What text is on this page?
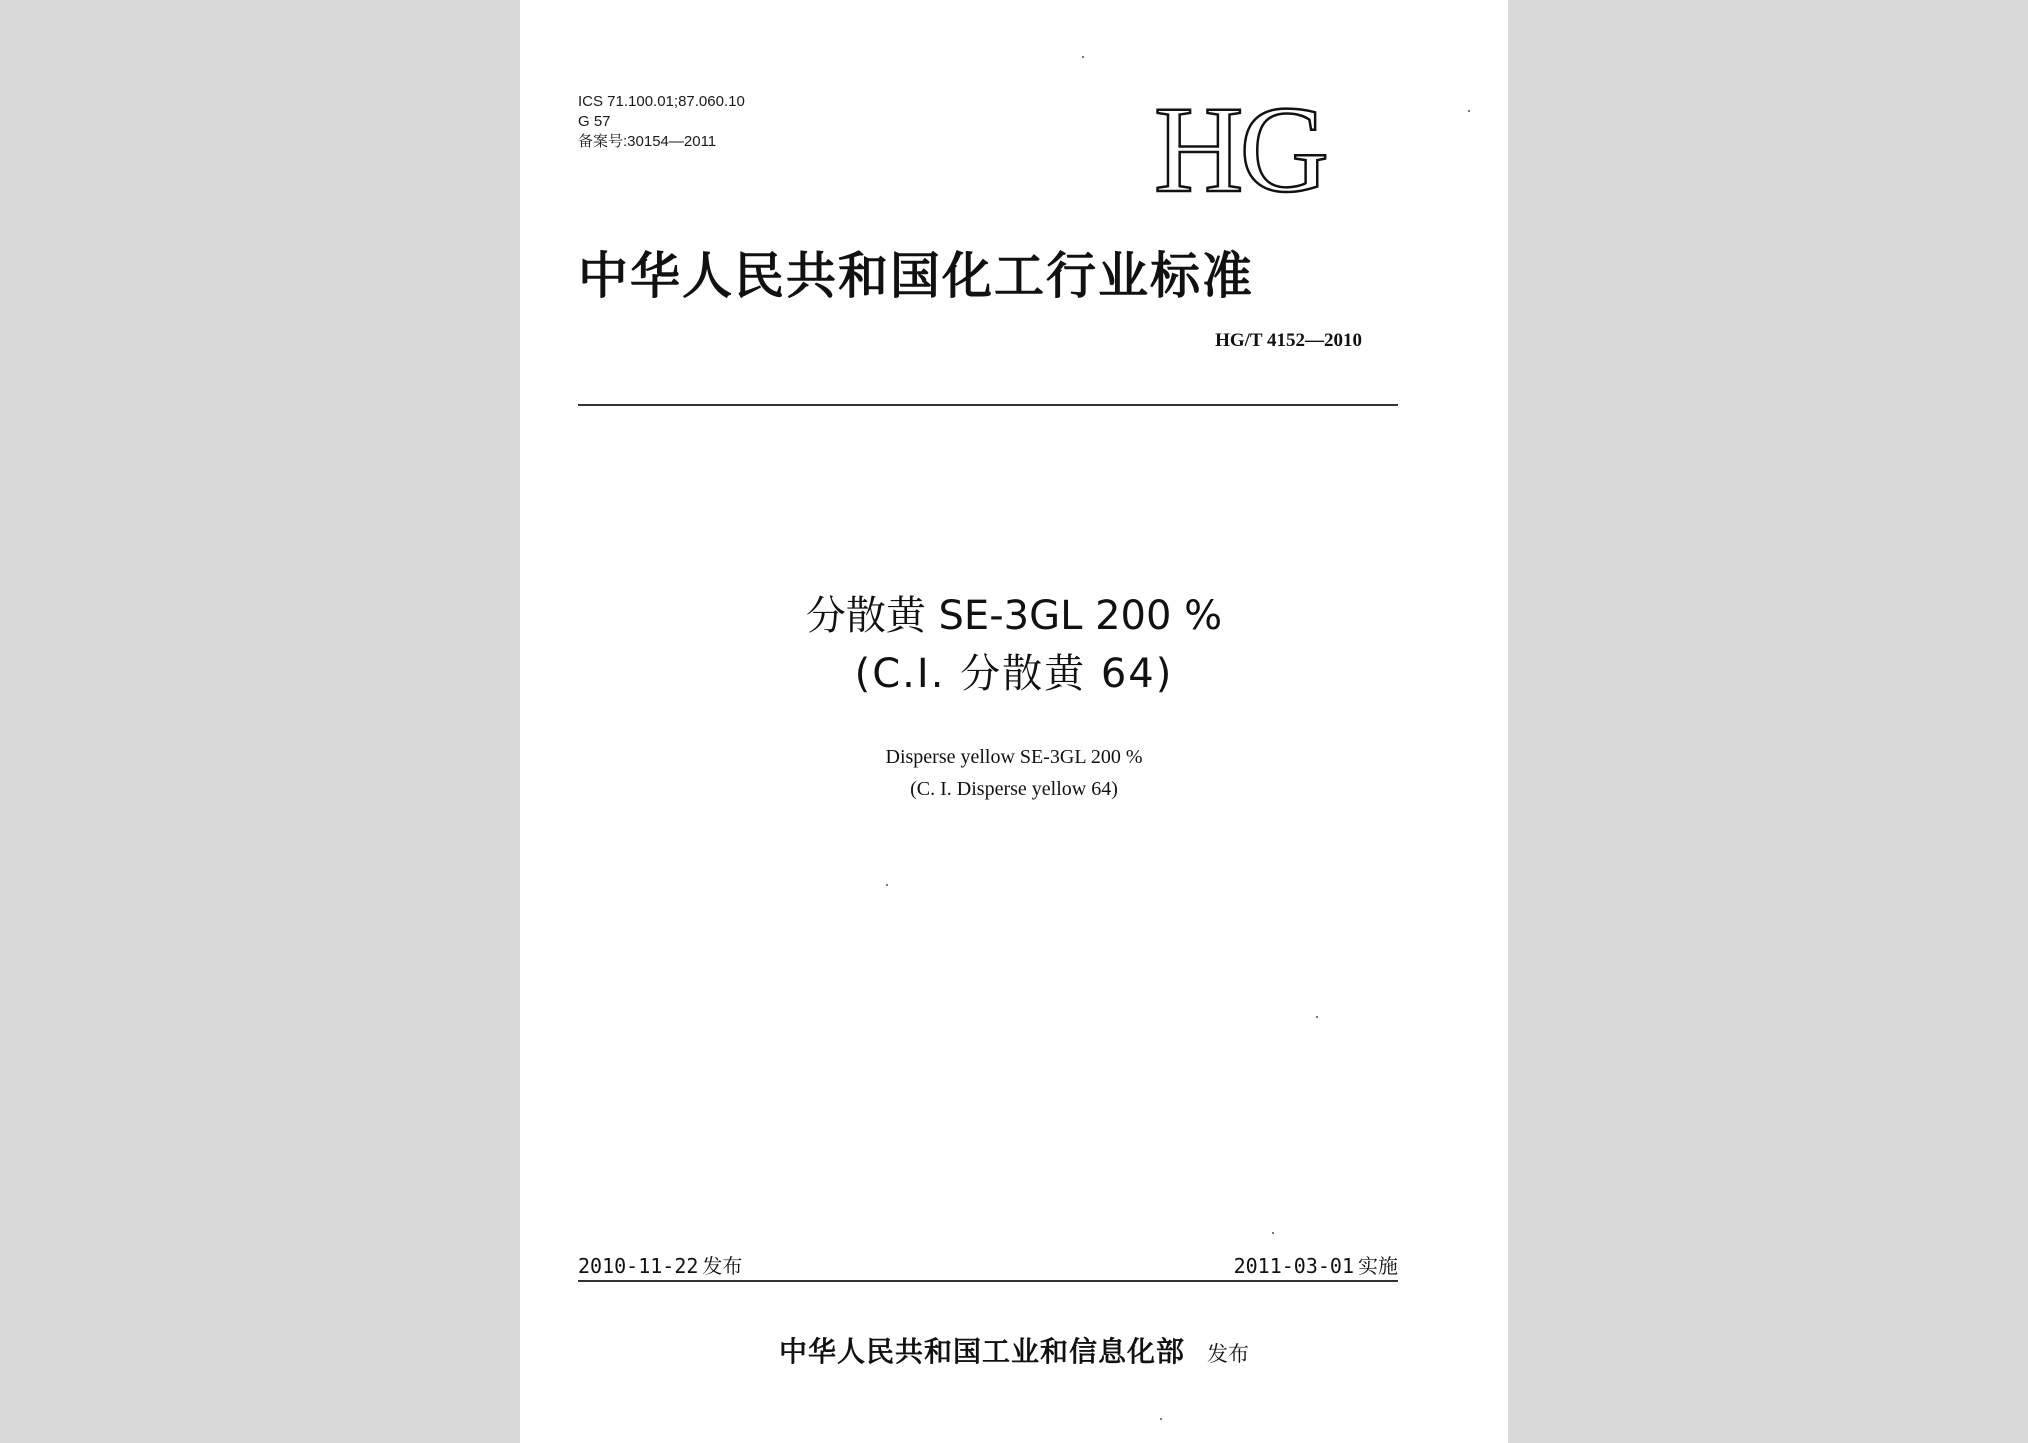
ICS 71.100.01;87.060.10
G 57
备案号:30154—2011	HG
中华人民共和国化工行业标准
HG/T 4152—2010
分散黄 SE-3GL 200 %
(C.I. 分散黄 64)
Disperse yellow SE-3GL 200 %
(C. I. Disperse yellow 64)
2010-11-22 发布	2011-03-01 实施
中华人民共和国工业和信息化部 发布
